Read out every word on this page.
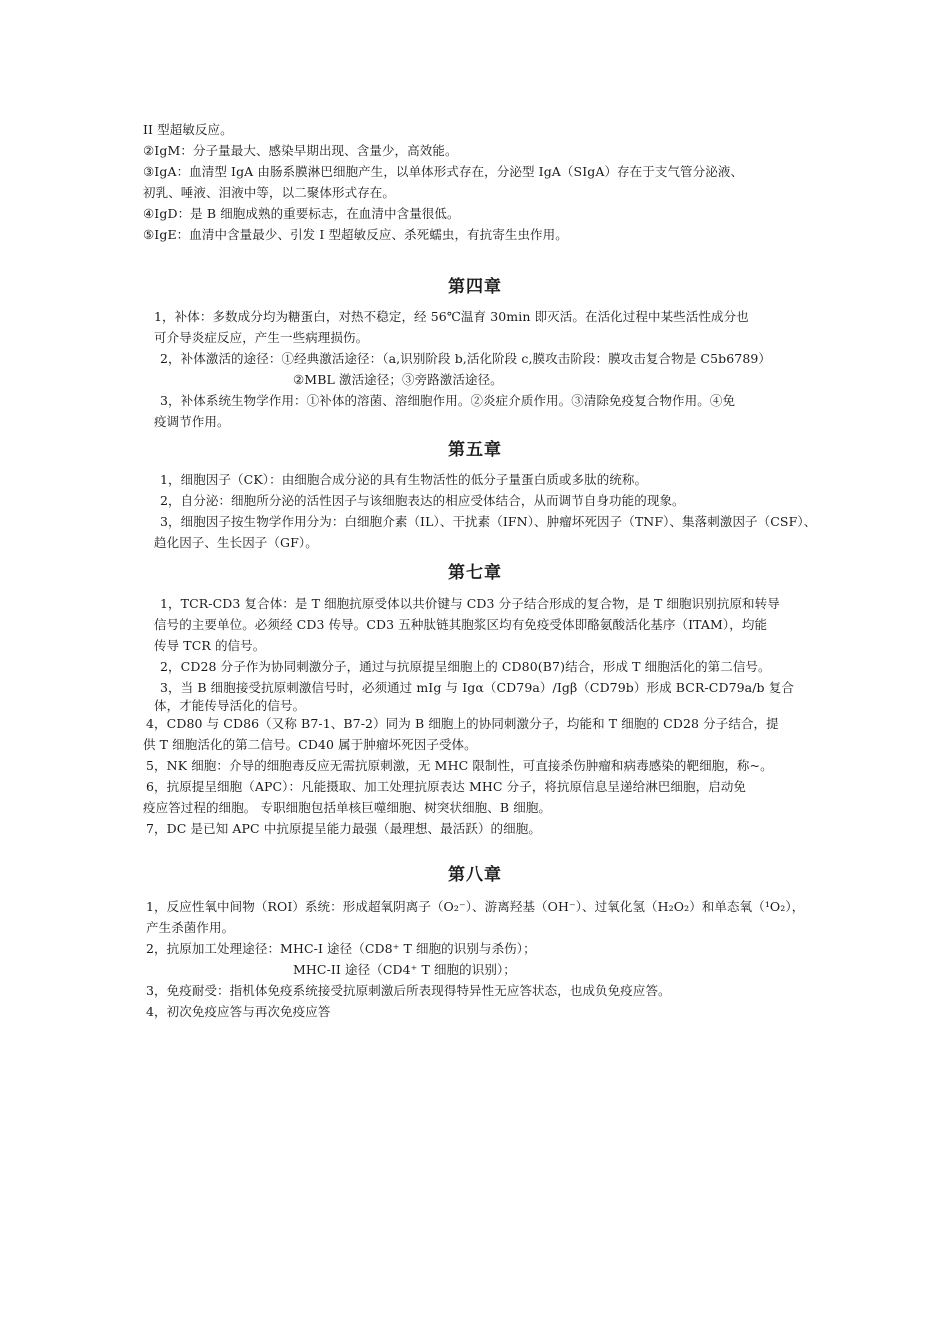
II 型超敏反应。
②IgM：分子量最大、感染早期出现、含量少，高效能。
③IgA：血清型 IgA 由肠系膜淋巴细胞产生，以单体形式存在，分泌型 IgA（SIgA）存在于支气管分泌液、
初乳、唾液、泪液中等，以二聚体形式存在。
④IgD：是 B 细胞成熟的重要标志，在血清中含量很低。
⑤IgE：血清中含量最少、引发 I 型超敏反应、杀死蠕虫，有抗寄生虫作用。
第四章
1，补体：多数成分均为糖蛋白，对热不稳定，经 56℃温育 30min 即灭活。在活化过程中某些活性成分也
可介导炎症反应，产生一些病理损伤。
2，补体激活的途径：①经典激活途径：（a,识别阶段 b,活化阶段 c,膜攻击阶段：膜攻击复合物是 C5b6789）
②MBL 激活途径；③旁路激活途径。
3，补体系统生物学作用：①补体的溶菌、溶细胞作用。②炎症介质作用。③清除免疫复合物作用。④免
疫调节作用。
第五章
1，细胞因子（CK）：由细胞合成分泌的具有生物活性的低分子量蛋白质或多肽的统称。
2，自分泌：细胞所分泌的活性因子与该细胞表达的相应受体结合，从而调节自身功能的现象。
3，细胞因子按生物学作用分为：白细胞介素（IL）、干扰素（IFN）、肿瘤坏死因子（TNF）、集落刺激因子（CSF）、
趋化因子、生长因子（GF）。
第七章
1，TCR-CD3 复合体：是 T 细胞抗原受体以共价键与 CD3 分子结合形成的复合物，是 T 细胞识别抗原和转导
信号的主要单位。必须经 CD3 传导。CD3 五种肽链其胞浆区均有免疫受体即酪氨酸活化基序（ITAM），均能
传导 TCR 的信号。
2，CD28 分子作为协同刺激分子，通过与抗原提呈细胞上的 CD80(B7)结合，形成 T 细胞活化的第二信号。
3，当 B 细胞接受抗原刺激信号时，必须通过 mIg 与 Igα（CD79a）/Igβ（CD79b）形成 BCR-CD79a/b 复合
体，才能传导活化的信号。
4，CD80 与 CD86（又称 B7-1、B7-2）同为 B 细胞上的协同刺激分子，均能和 T 细胞的 CD28 分子结合，提
供 T 细胞活化的第二信号。CD40 属于肿瘤坏死因子受体。
5，NK 细胞：介导的细胞毒反应无需抗原刺激，无 MHC 限制性，可直接杀伤肿瘤和病毒感染的靶细胞，称~。
6，抗原提呈细胞（APC）：凡能摄取、加工处理抗原表达 MHC 分子，将抗原信息呈递给淋巴细胞，启动免
疫应答过程的细胞。 专职细胞包括单核巨噬细胞、树突状细胞、B 细胞。
7，DC 是已知 APC 中抗原提呈能力最强（最理想、最活跃）的细胞。
第八章
1，反应性氧中间物（ROI）系统：形成超氧阴离子（O₂⁻）、游离羟基（OH⁻）、过氧化氢（H₂O₂）和单态氧（¹O₂），
产生杀菌作用。
2，抗原加工处理途径：MHC-I 途径（CD8⁺ T 细胞的识别与杀伤）；
MHC-II 途径（CD4⁺ T 细胞的识别）；
3，免疫耐受：指机体免疫系统接受抗原刺激后所表现得特异性无应答状态，也成负免疫应答。
4，初次免疫应答与再次免疫应答
